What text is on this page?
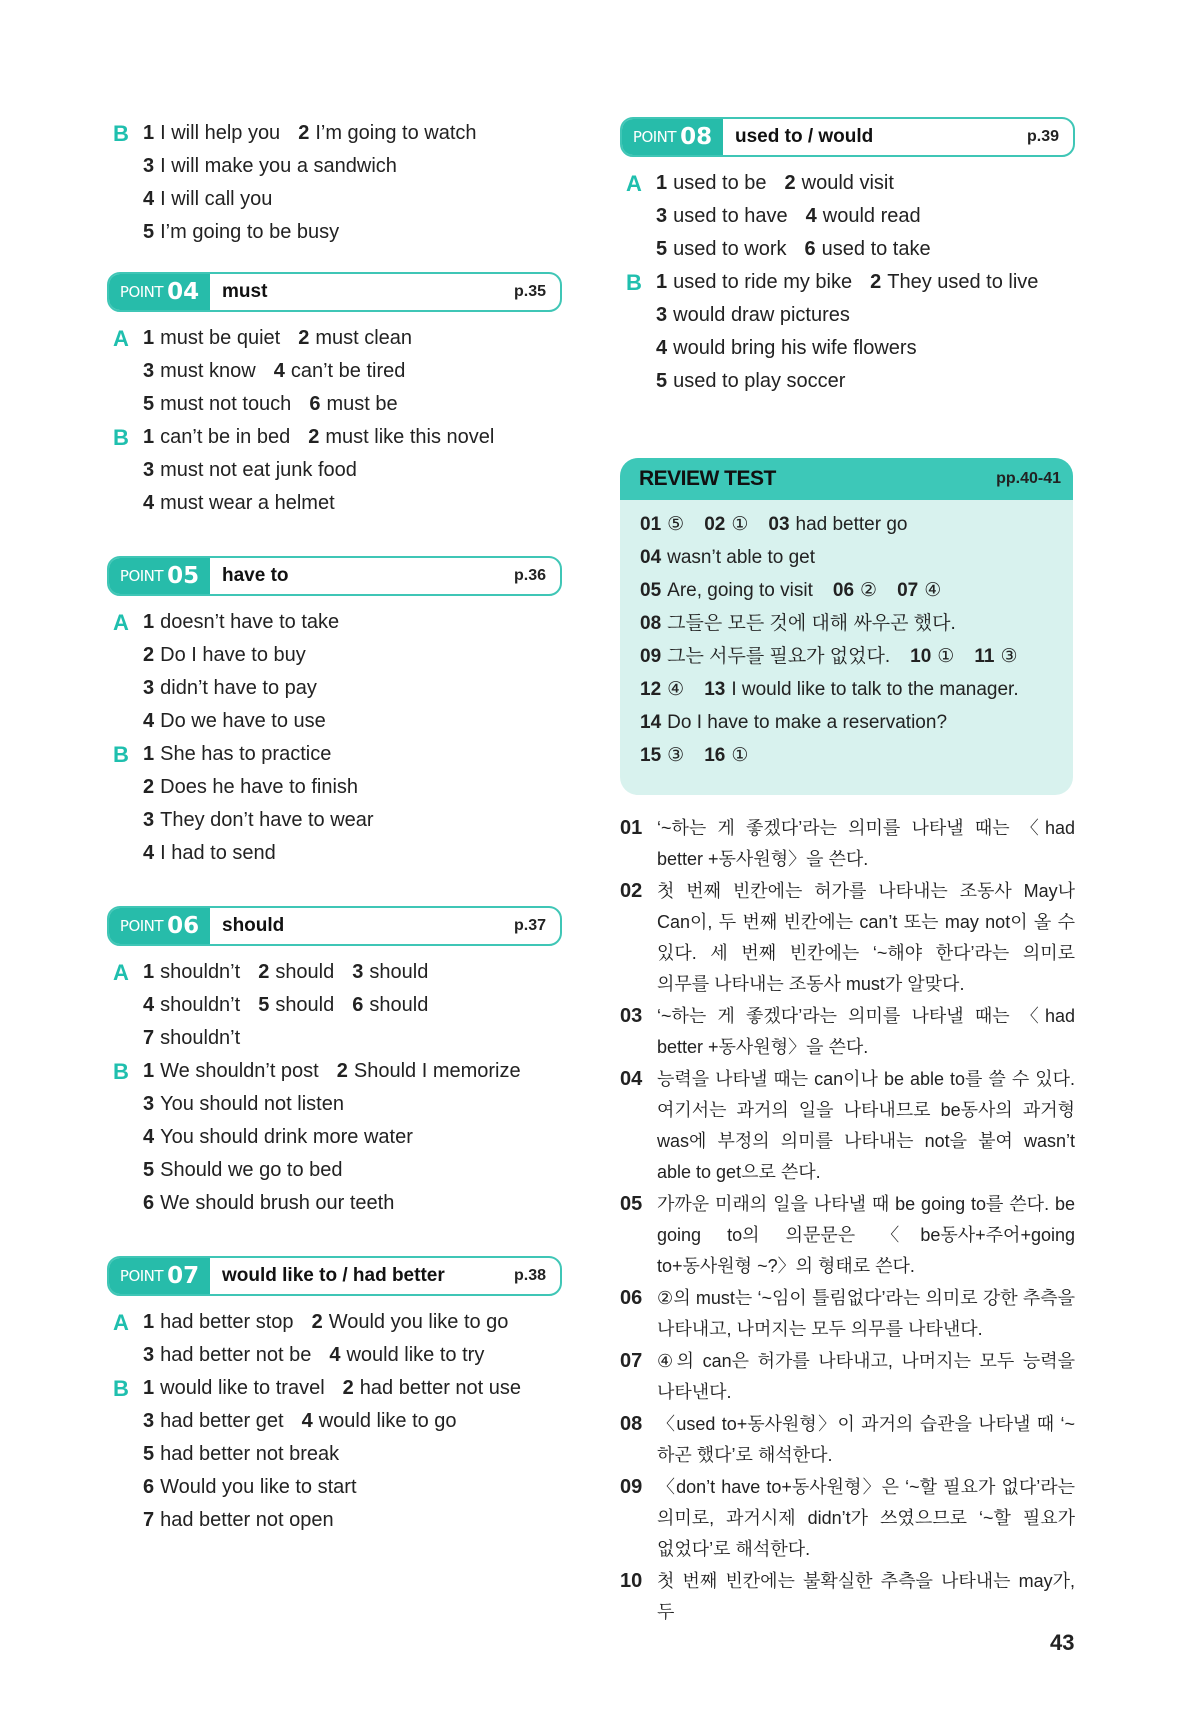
B 1 I will help you 2 I’m going to watch
3 I will make you a sandwich
4 I will call you
5 I’m going to be busy
POINT 04	must	p.35
A 1 must be quiet 2 must clean
3 must know 4 can’t be tired
5 must not touch 6 must be
B 1 can’t be in bed 2 must like this novel
3 must not eat junk food
4 must wear a helmet
POINT 05	have to	p.36
A 1 doesn’t have to take
2 Do I have to buy
3 didn’t have to pay
4 Do we have to use
B 1 She has to practice
2 Does he have to finish
3 They don’t have to wear
4 I had to send
POINT 06	should	p.37
A 1 shouldn’t 2 should 3 should
4 shouldn’t 5 should 6 should
7 shouldn’t
B 1 We shouldn’t post 2 Should I memorize
3 You should not listen
4 You should drink more water
5 Should we go to bed
6 We should brush our teeth
POINT 07	would like to / had better	p.38
A 1 had better stop 2 Would you like to go
3 had better not be 4 would like to try
B 1 would like to travel 2 had better not use
3 had better get 4 would like to go
5 had better not break
6 Would you like to start
7 had better not open
POINT 08	used to / would	p.39
A 1 used to be 2 would visit
3 used to have 4 would read
5 used to work 6 used to take
B 1 used to ride my bike 2 They used to live
3 would draw pictures
4 would bring his wife flowers
5 used to play soccer
REVIEW TEST	pp.40-41
01 ⑤ 02 ① 03 had better go
04 wasn’t able to get
05 Are, going to visit 06 ② 07 ④
08 그들은 모든 것에 대해 싸우곤 했다.
09 그는 서두를 필요가 없었다. 10 ① 11 ③
12 ④ 13 I would like to talk to the manager.
14 Do I have to make a reservation?
15 ③ 16 ①
01 ‘~하는 게 좋겠다’라는 의미를 나타낼 때는 〈had better +동사원형〉을 쓴다.
02 첫 번째 빈칸에는 허가를 나타내는 조동사 May나 Can이, 두 번째 빈칸에는 can’t 또는 may not이 올 수 있다. 세 번째 빈칸에는 ‘~해야 한다’라는 의미로 의무를 나타내는 조동사 must가 알맞다.
03 ‘~하는 게 좋겠다’라는 의미를 나타낼 때는 〈had better +동사원형〉을 쓴다.
04 능력을 나타낼 때는 can이나 be able to를 쓸 수 있다. 여기서는 과거의 일을 나타내므로 be동사의 과거형 was에 부정의 의미를 나타내는 not을 붙여 wasn’t able to get으로 쓴다.
05 가까운 미래의 일을 나타낼 때 be going to를 쓴다. be going to의 의문문은 〈be동사+주어+going to+동사원형 ~?〉의 형태로 쓴다.
06 ②의 must는 ‘~임이 틀림없다’라는 의미로 강한 추측을 나타내고, 나머지는 모두 의무를 나타낸다.
07 ④의 can은 허가를 나타내고, 나머지는 모두 능력을 나타낸다.
08 〈used to+동사원형〉이 과거의 습관을 나타낼 때 ‘~하곤 했다’로 해석한다.
09 〈don’t have to+동사원형〉은 ‘~할 필요가 없다’라는 의미로, 과거시제 didn’t가 쓰였으므로 ‘~할 필요가 없었다’로 해석한다.
10 첫 번째 빈칸에는 불확실한 추측을 나타내는 may가, 두
43
